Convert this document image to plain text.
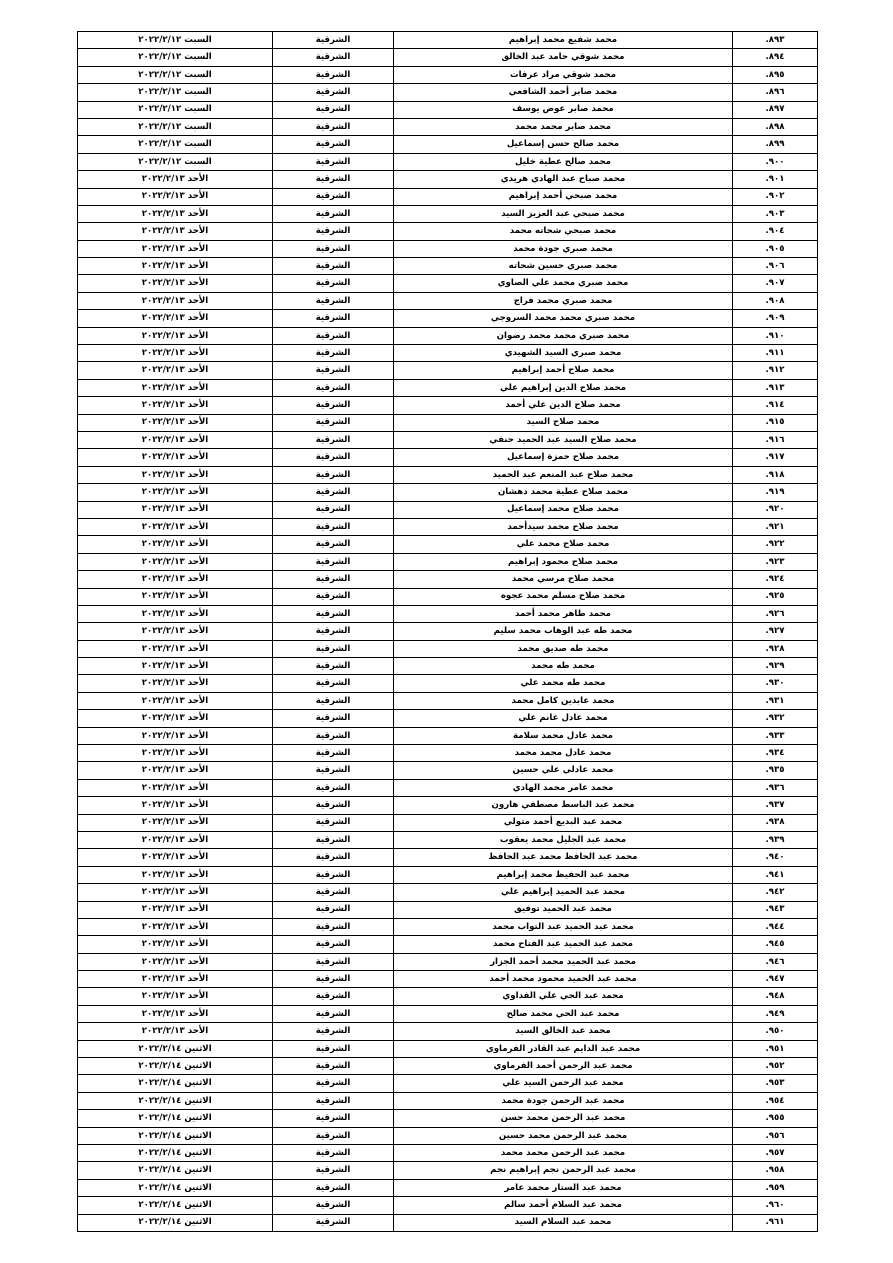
٨٩٣.	محمد شفيع محمد إبراهيم	الشرقية	السبت ٢٠٢٢/٢/١٢
٨٩٤.	محمد شوقي حامد عبد الخالق	الشرقية	السبت ٢٠٢٢/٢/١٢
٨٩٥.	محمد شوقي مراد عرفات	الشرقية	السبت ٢٠٢٢/٢/١٢
٨٩٦.	محمد صابر أحمد الشافعي	الشرقية	السبت ٢٠٢٢/٢/١٢
٨٩٧.	محمد صابر عوض يوسف	الشرقية	السبت ٢٠٢٢/٢/١٢
٨٩٨.	محمد صابر محمد محمد	الشرقية	السبت ٢٠٢٢/٢/١٢
٨٩٩.	محمد صالح حسن إسماعيل	الشرقية	السبت ٢٠٢٢/٢/١٢
٩٠٠.	محمد صالح عطية خليل	الشرقية	السبت ٢٠٢٢/٢/١٢
٩٠١.	محمد صباح عبد الهادي هريدي	الشرقية	الأحد ٢٠٢٢/٢/١٣
٩٠٢.	محمد صبحي أحمد إبراهيم	الشرقية	الأحد ٢٠٢٢/٢/١٣
٩٠٣.	محمد صبحي عبد العزيز السيد	الشرقية	الأحد ٢٠٢٢/٢/١٣
٩٠٤.	محمد صبحي شحاته محمد	الشرقية	الأحد ٢٠٢٢/٢/١٣
٩٠٥.	محمد صبري جودة محمد	الشرقية	الأحد ٢٠٢٢/٢/١٣
٩٠٦.	محمد صبري حسين شحاته	الشرقية	الأحد ٢٠٢٢/٢/١٣
٩٠٧.	محمد صبري محمد علي الصاوي	الشرقية	الأحد ٢٠٢٢/٢/١٣
٩٠٨.	محمد صبري محمد فراج	الشرقية	الأحد ٢٠٢٢/٢/١٣
٩٠٩.	محمد صبري محمد محمد السروجي	الشرقية	الأحد ٢٠٢٢/٢/١٣
٩١٠.	محمد صبري محمد محمد رضوان	الشرقية	الأحد ٢٠٢٢/٢/١٣
٩١١.	محمد صبري السيد الشهيدي	الشرقية	الأحد ٢٠٢٢/٢/١٣
٩١٢.	محمد صلاح أحمد إبراهيم	الشرقية	الأحد ٢٠٢٢/٢/١٣
٩١٣.	محمد صلاح الدين إبراهيم علي	الشرقية	الأحد ٢٠٢٢/٢/١٣
٩١٤.	محمد صلاح الدين علي أحمد	الشرقية	الأحد ٢٠٢٢/٢/١٣
٩١٥.	محمد صلاح السيد	الشرقية	الأحد ٢٠٢٢/٢/١٣
٩١٦.	محمد صلاح السيد عبد الحميد حنفي	الشرقية	الأحد ٢٠٢٢/٢/١٣
٩١٧.	محمد صلاح حمزة إسماعيل	الشرقية	الأحد ٢٠٢٢/٢/١٣
٩١٨.	محمد صلاح عبد المنعم عبد الحميد	الشرقية	الأحد ٢٠٢٢/٢/١٣
٩١٩.	محمد صلاح عطية محمد دهشان	الشرقية	الأحد ٢٠٢٢/٢/١٣
٩٢٠.	محمد صلاح محمد إسماعيل	الشرقية	الأحد ٢٠٢٢/٢/١٣
٩٢١.	محمد صلاح محمد سيدأحمد	الشرقية	الأحد ٢٠٢٢/٢/١٣
٩٢٢.	محمد صلاح محمد علي	الشرقية	الأحد ٢٠٢٢/٢/١٣
٩٢٣.	محمد صلاح محمود إبراهيم	الشرقية	الأحد ٢٠٢٢/٢/١٣
٩٢٤.	محمد صلاح مرسي محمد	الشرقية	الأحد ٢٠٢٢/٢/١٣
٩٢٥.	محمد صلاح مسلم محمد عجوه	الشرقية	الأحد ٢٠٢٢/٢/١٣
٩٢٦.	محمد طاهر محمد أحمد	الشرقية	الأحد ٢٠٢٢/٢/١٣
٩٢٧.	محمد طه عبد الوهاب محمد سليم	الشرقية	الأحد ٢٠٢٢/٢/١٣
٩٢٨.	محمد طه صديق محمد	الشرقية	الأحد ٢٠٢٢/٢/١٣
٩٢٩.	محمد طه محمد	الشرقية	الأحد ٢٠٢٢/٢/١٣
٩٣٠.	محمد طه محمد علي	الشرقية	الأحد ٢٠٢٢/٢/١٣
٩٣١.	محمد عابدين كامل محمد	الشرقية	الأحد ٢٠٢٢/٢/١٣
٩٣٢.	محمد عادل غانم علي	الشرقية	الأحد ٢٠٢٢/٢/١٣
٩٣٣.	محمد عادل محمد سلامة	الشرقية	الأحد ٢٠٢٢/٢/١٣
٩٣٤.	محمد عادل محمد محمد	الشرقية	الأحد ٢٠٢٢/٢/١٣
٩٣٥.	محمد عادلي علي حسين	الشرقية	الأحد ٢٠٢٢/٢/١٣
٩٣٦.	محمد عامر محمد الهادي	الشرقية	الأحد ٢٠٢٢/٢/١٣
٩٣٧.	محمد عبد الباسط مصطفي هارون	الشرقية	الأحد ٢٠٢٢/٢/١٣
٩٣٨.	محمد عبد البديع أحمد متولي	الشرقية	الأحد ٢٠٢٢/٢/١٣
٩٣٩.	محمد عبد الجليل محمد يعقوب	الشرقية	الأحد ٢٠٢٢/٢/١٣
٩٤٠.	محمد عبد الحافظ محمد عبد الحافظ	الشرقية	الأحد ٢٠٢٢/٢/١٣
٩٤١.	محمد عبد الحفيظ محمد إبراهيم	الشرقية	الأحد ٢٠٢٢/٢/١٣
٩٤٢.	محمد عبد الحميد إبراهيم علي	الشرقية	الأحد ٢٠٢٢/٢/١٣
٩٤٣.	محمد عبد الحميد توفيق	الشرقية	الأحد ٢٠٢٢/٢/١٣
٩٤٤.	محمد عبد الحميد عبد التواب محمد	الشرقية	الأحد ٢٠٢٢/٢/١٣
٩٤٥.	محمد عبد الحميد عبد الفتاح محمد	الشرقية	الأحد ٢٠٢٢/٢/١٣
٩٤٦.	محمد عبد الحميد محمد أحمد الجزار	الشرقية	الأحد ٢٠٢٢/٢/١٣
٩٤٧.	محمد عبد الحميد محمود محمد أحمد	الشرقية	الأحد ٢٠٢٢/٢/١٣
٩٤٨.	محمد عبد الحي علي الفداوي	الشرقية	الأحد ٢٠٢٢/٢/١٣
٩٤٩.	محمد عبد الحي محمد صالح	الشرقية	الأحد ٢٠٢٢/٢/١٣
٩٥٠.	محمد عبد الخالق السيد	الشرقية	الأحد ٢٠٢٢/٢/١٣
٩٥١.	محمد عبد الدايم عبد القادر الفرماوي	الشرقية	الاثنين ٢٠٢٢/٢/١٤
٩٥٢.	محمد عبد الرحمن أحمد الفرماوي	الشرقية	الاثنين ٢٠٢٢/٢/١٤
٩٥٣.	محمد عبد الرحمن السيد علي	الشرقية	الاثنين ٢٠٢٢/٢/١٤
٩٥٤.	محمد عبد الرحمن جودة محمد	الشرقية	الاثنين ٢٠٢٢/٢/١٤
٩٥٥.	محمد عبد الرحمن محمد حسن	الشرقية	الاثنين ٢٠٢٢/٢/١٤
٩٥٦.	محمد عبد الرحمن محمد حسين	الشرقية	الاثنين ٢٠٢٢/٢/١٤
٩٥٧.	محمد عبد الرحمن محمد محمد	الشرقية	الاثنين ٢٠٢٢/٢/١٤
٩٥٨.	محمد عبد الرحمن نجم إبراهيم نجم	الشرقية	الاثنين ٢٠٢٢/٢/١٤
٩٥٩.	محمد عبد الستار محمد عامر	الشرقية	الاثنين ٢٠٢٢/٢/١٤
٩٦٠.	محمد عبد السلام أحمد سالم	الشرقية	الاثنين ٢٠٢٢/٢/١٤
٩٦١.	محمد عبد السلام السيد	الشرقية	الاثنين ٢٠٢٢/٢/١٤
